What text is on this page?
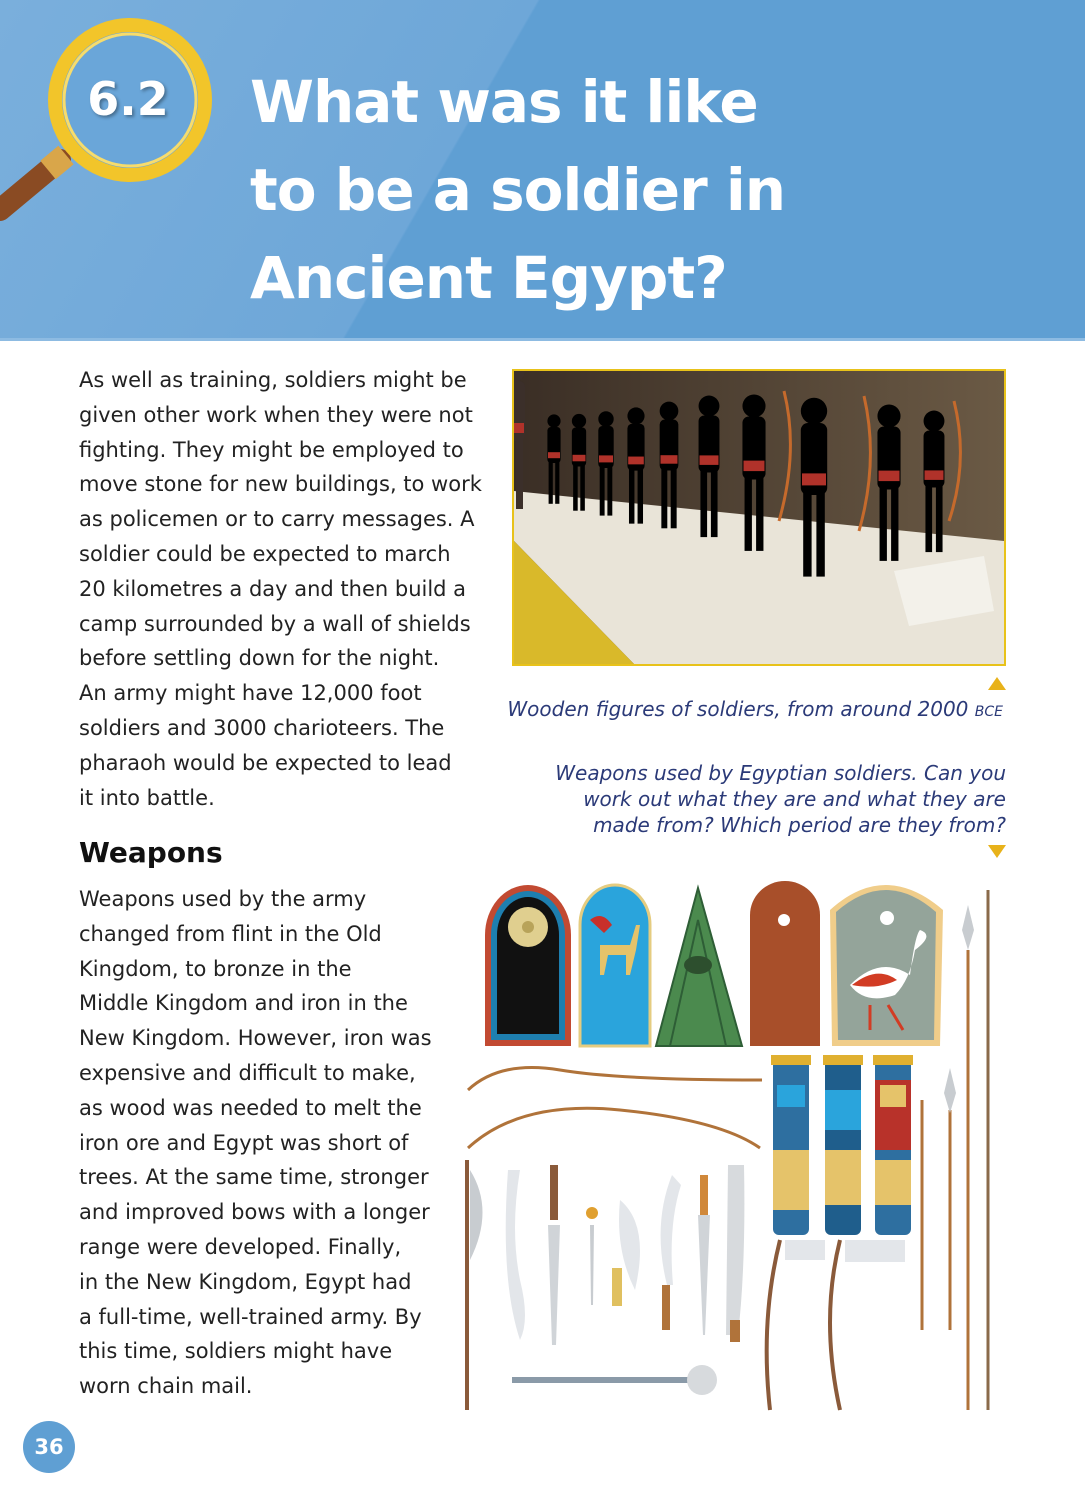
6.2 What was it like
to be a soldier in
Ancient Egypt?
As well as training, soldiers might be
given other work when they were not
fighting. They might be employed to
move stone for new buildings, to work
as policemen or to carry messages. A
soldier could be expected to march
20 kilometres a day and then build a
camp surrounded by a wall of shields
before settling down for the night.
An army might have 12,000 foot
soldiers and 3000 charioteers. The
pharaoh would be expected to lead
it into battle.
Weapons
Weapons used by the army
changed from flint in the Old
Kingdom, to bronze in the
Middle Kingdom and iron in the
New Kingdom. However, iron was
expensive and difficult to make,
as wood was needed to melt the
iron ore and Egypt was short of
trees. At the same time, stronger
and improved bows with a longer
range were developed. Finally,
in the New Kingdom, Egypt had
a full-time, well-trained army. By
this time, soldiers might have
worn chain mail.
Wooden figures of soldiers, from around 2000 BCE
Weapons used by Egyptian soldiers. Can you
work out what they are and what they are
made from? Which period are they from?
36
